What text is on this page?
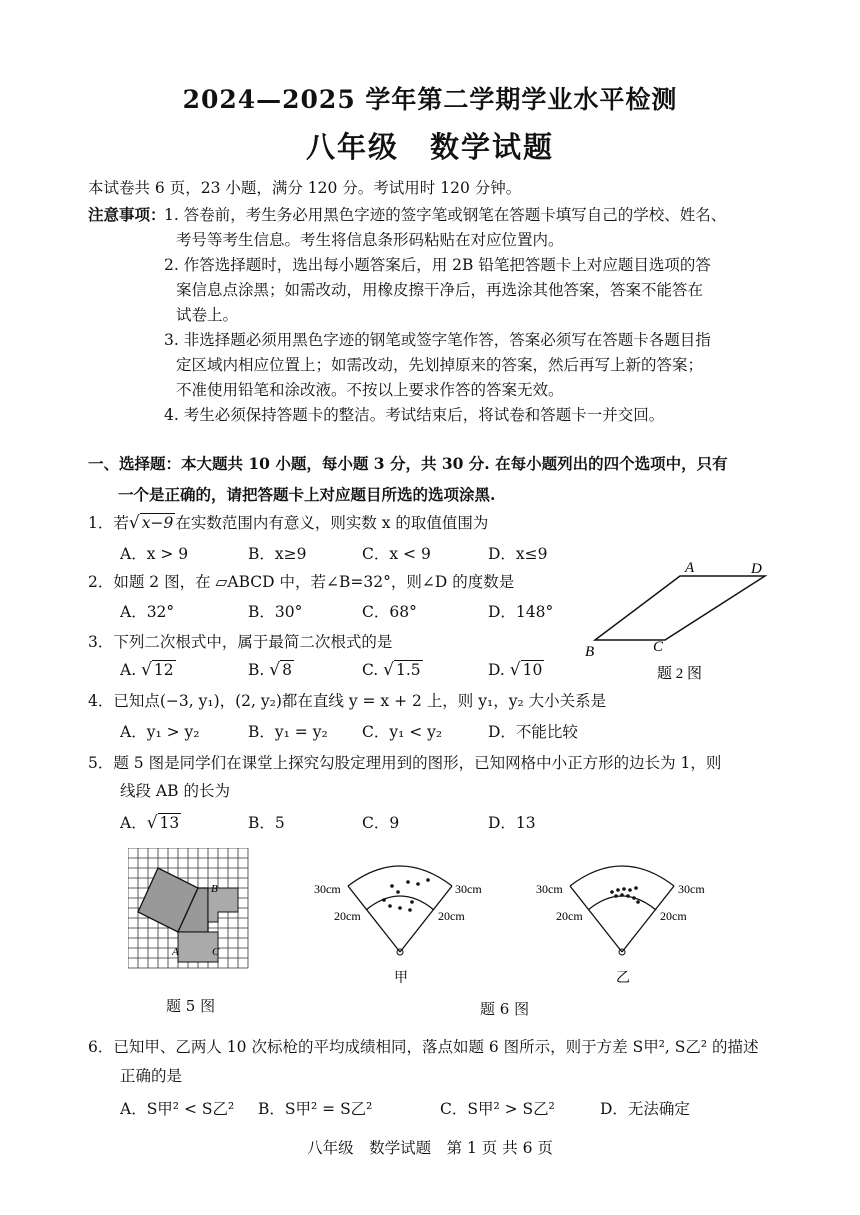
2024—2025 学年第二学期学业水平检测
八年级　数学试题
本试卷共 6 页，23 小题，满分 120 分。考试用时 120 分钟。
注意事项：
1. 答卷前，考生务必用黑色字迹的签字笔或钢笔在答题卡填写自己的学校、姓名、
考号等考生信息。考生将信息条形码粘贴在对应位置内。
2. 作答选择题时，选出每小题答案后，用 2B 铅笔把答题卡上对应题目选项的答
案信息点涂黑；如需改动，用橡皮擦干净后，再选涂其他答案，答案不能答在
试卷上。
3. 非选择题必须用黑色字迹的钢笔或签字笔作答，答案必须写在答题卡各题目指
定区域内相应位置上；如需改动，先划掉原来的答案，然后再写上新的答案；
不准使用铅笔和涂改液。不按以上要求作答的答案无效。
4. 考生必须保持答题卡的整洁。考试结束后，将试卷和答题卡一并交回。
一、选择题：本大题共 10 小题，每小题 3 分，共 30 分. 在每小题列出的四个选项中，只有
一个是正确的，请把答题卡上对应题目所选的选项涂黑.
1．若√ x−9 在实数范围内有意义，则实数 x 的取值值围为
A．x > 9	B．x≥9	C．x < 9	D．x≤9
2．如题 2 图，在 ▱ABCD 中，若∠B=32°，则∠D 的度数是
A．32°	B．30°	C．68°	D．148°
A	D
B	C
题 2 图
3．下列二次根式中，属于最简二次根式的是
A. √ 12	B. √ 8	C. √ 1.5	D. √ 10
4．已知点(−3, y₁)，(2, y₂)都在直线 y = x + 2 上，则 y₁，y₂ 大小关系是
A．y₁ > y₂	B．y₁ = y₂ C．y₁ < y₂	D．不能比较
5．题 5 图是同学们在课堂上探究勾股定理用到的图形，已知网格中小正方形的边长为 1，则
线段 AB 的长为
A．√ 13	B．5	C．9	D．13
B
A	C
题 5 图
30cm	30cm
20cm	20cm
甲
30cm	30cm
20cm	20cm
乙
题 6 图
6．已知甲、乙两人 10 次标枪的平均成绩相同，落点如题 6 图所示，则于方差 S甲², S乙² 的描述
正确的是
A．S甲² < S乙² B．S甲² = S乙²	C．S甲² > S乙²	D．无法确定
八年级　数学试题　第 1 页 共 6 页
